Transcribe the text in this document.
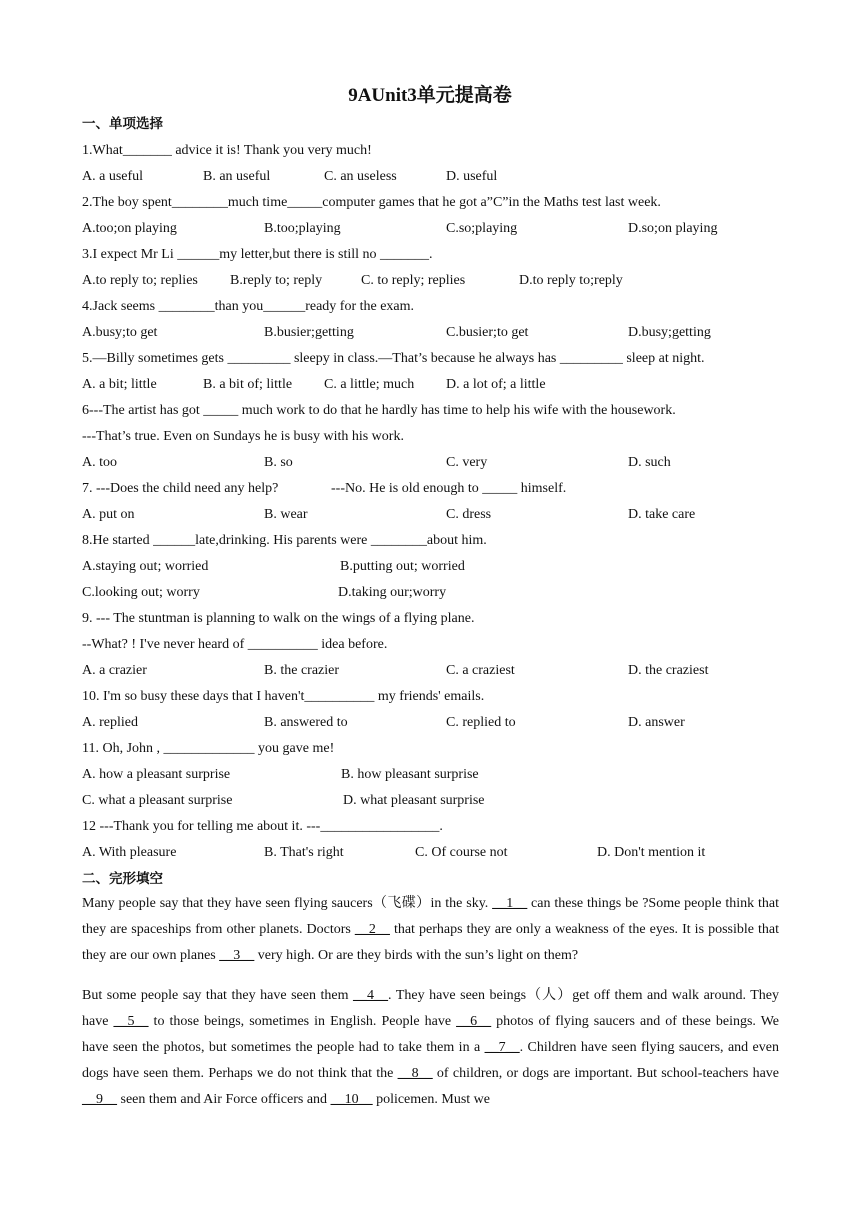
9AUnit3单元提高卷
一、单项选择
1.What_______ advice it is! Thank you very much!
A. a useful	B. an useful	C. an useless	D. useful
2.The boy spent________much time_____computer games that he got a”C”in the Maths test last week.
A.too;on playing	B.too;playing	C.so;playing	D.so;on playing
3.I expect Mr Li ______my letter,but there is still no _______.
A.to reply to; replies B.reply to; reply	C. to reply; replies	D.to reply to;reply
4.Jack seems ________than you______ready for the exam.
A.busy;to get	B.busier;getting	C.busier;to get	D.busy;getting
5.—Billy sometimes gets _________ sleepy in class.—That’s because he always has _________ sleep at night.
A. a bit; little	B. a bit of; little C. a little; much D. a lot of; a little
6---The artist has got _____ much work to do that he hardly has time to help his wife with the housework.
---That’s true. Even on Sundays he is busy with his work.
A. too	B. so	C. very	D. such
7. ---Does the child need any help?	---No. He is old enough to _____ himself.
A. put on	B. wear	C. dress	D. take care
8.He started ______late,drinking. His parents were ________about him.
A.staying out; worried	B.putting out; worried
C.looking out; worry	D.taking our;worry
9. --- The stuntman is planning to walk on the wings of a flying plane.
--What? ! I've never heard of __________ idea before.
A. a crazier	B. the crazier	C. a craziest	D. the craziest
10. I'm so busy these days that I haven't__________ my friends' emails.
A. replied	B. answered to	C. replied to	D. answer
11. Oh, John , _____________ you gave me!
A. how a pleasant surprise	B. how pleasant surprise
C. what a pleasant surprise	D. what pleasant surprise
12 ---Thank you for telling me about it. ---_________________.
A. With pleasure	B. That's right	C. Of course not	D. Don't mention it
二、完形填空
Many people say that they have seen flying saucers（飞碟）in the sky. __1__ can these things be ?Some people think that they are spaceships from other planets. Doctors __2__ that perhaps they are only a weakness of the eyes. It is possible that they are our own planes __3__ very high. Or are they birds with the sun’s light on them?
But some people say that they have seen them __4__. They have seen beings（人）get off them and walk around. They have __5__ to those beings, sometimes in English. People have __6__ photos of flying saucers and of these beings. We have seen the photos, but sometimes the people had to take them in a __7__. Children have seen flying saucers, and even dogs have seen them. Perhaps we do not think that the __8__ of children, or dogs are important. But school-teachers have __9__ seen them and Air Force officers and __10__ policemen. Must we
